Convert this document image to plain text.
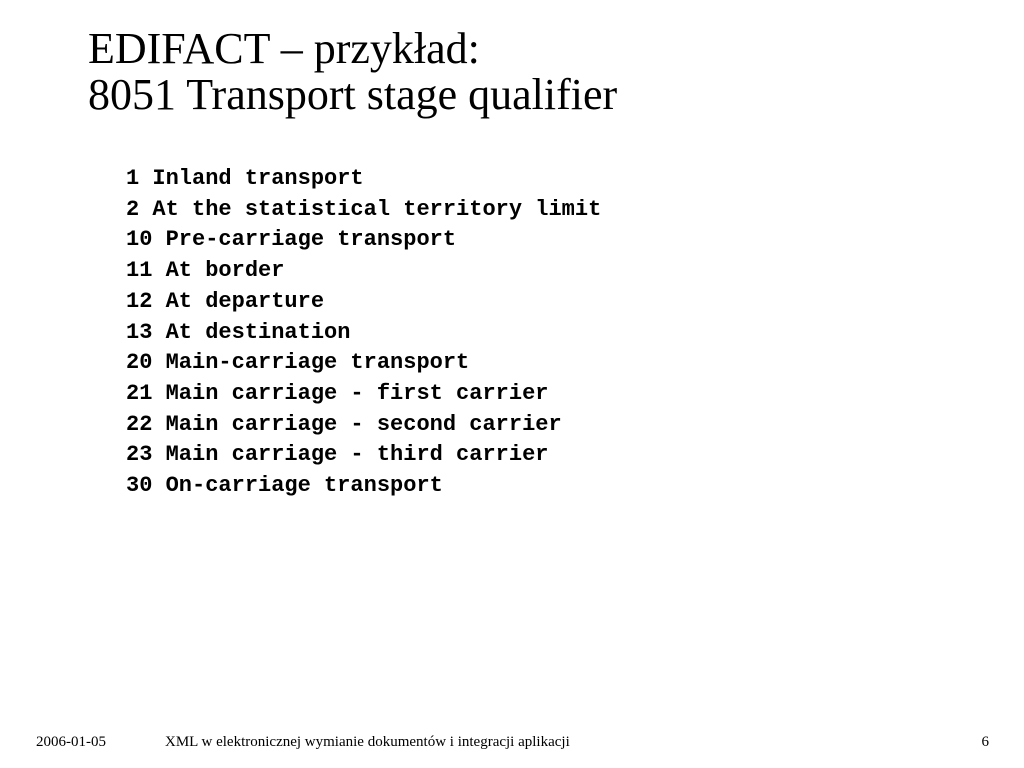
EDIFACT – przykład:
8051 Transport stage qualifier
1 Inland transport
2 At the statistical territory limit
10 Pre-carriage transport
11 At border
12 At departure
13 At destination
20 Main-carriage transport
21 Main carriage - first carrier
22 Main carriage - second carrier
23 Main carriage - third carrier
30 On-carriage transport
2006-01-05	XML w elektronicznej wymianie dokumentów i integracji aplikacji	6
